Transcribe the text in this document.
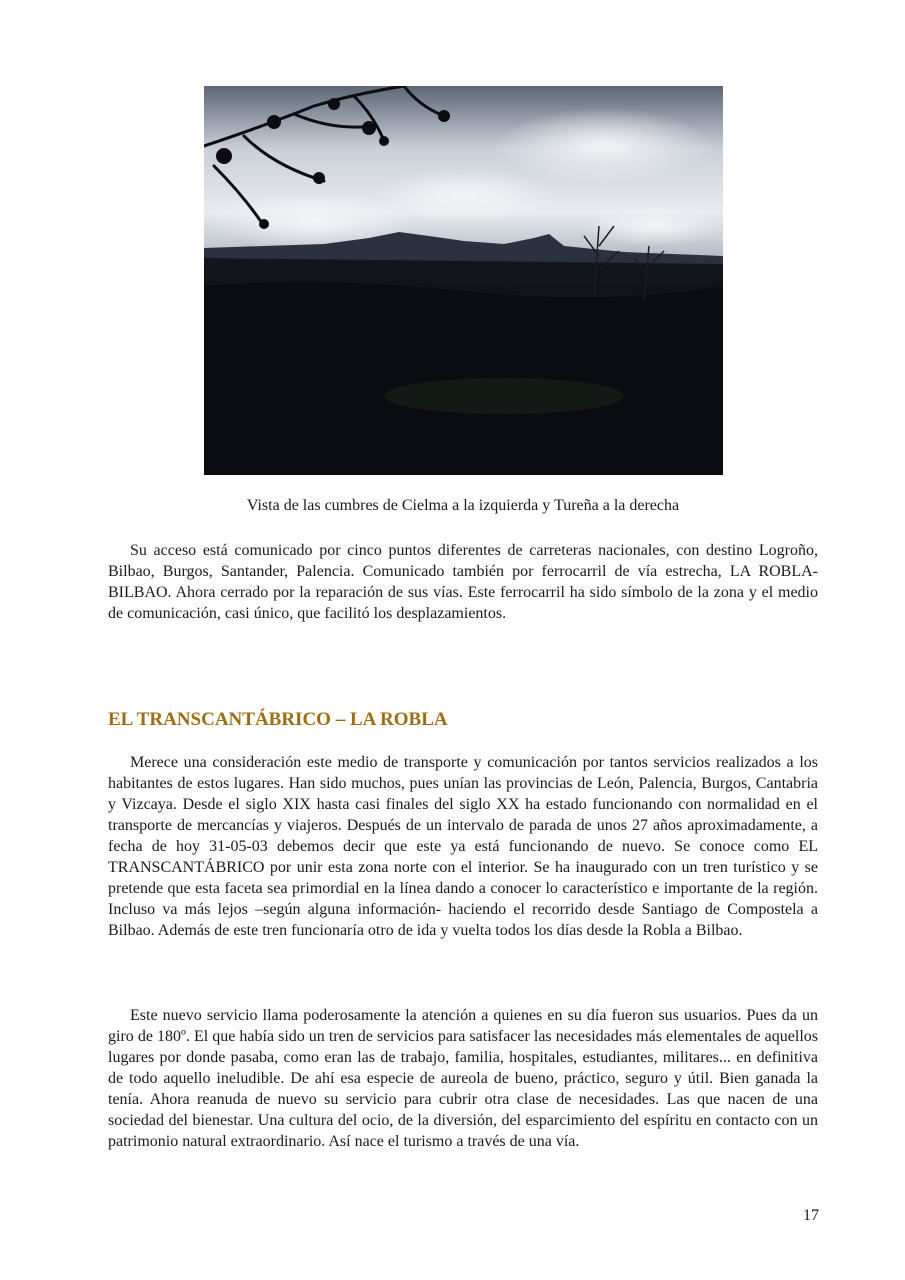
Vista de las cumbres de Cielma a la izquierda y Tureña a la derecha

Su acceso está comunicado por cinco puntos diferentes de carreteras nacionales, con destino Logroño, Bilbao, Burgos, Santander, Palencia. Comunicado también por ferrocarril de vía estrecha, LA ROBLA-BILBAO. Ahora cerrado por la reparación de sus vías. Este ferrocarril ha sido símbolo de la zona y el medio de comunicación, casi único, que facilitó los desplazamientos.

EL TRANSCANTÁBRICO – LA ROBLA

Merece una consideración este medio de transporte y comunicación por tantos servicios realizados a los habitantes de estos lugares. Han sido muchos, pues unían las provincias de León, Palencia, Burgos, Cantabria y Vizcaya. Desde el siglo XIX hasta casi finales del siglo XX ha estado funcionando con normalidad en el transporte de mercancías y viajeros. Después de un intervalo de parada de unos 27 años aproximadamente, a fecha de hoy 31-05-03 debemos decir que este ya está funcionando de nuevo. Se conoce como EL TRANSCANTÁBRICO por unir esta zona norte con el interior. Se ha inaugurado con un tren turístico y se pretende que esta faceta sea primordial en la línea dando a conocer lo característico e importante de la región. Incluso va más lejos –según alguna información- haciendo el recorrido desde Santiago de Compostela a Bilbao. Además de este tren funcionaría otro de ida y vuelta todos los días desde la Robla a Bilbao.

Este nuevo servicio llama poderosamente la atención a quienes en su día fueron sus usuarios. Pues da un giro de 180º. El que había sido un tren de servicios para satisfacer las necesidades más elementales de aquellos lugares por donde pasaba, como eran las de trabajo, familia, hospitales, estudiantes, militares... en definitiva de todo aquello ineludible. De ahí esa especie de aureola de bueno, práctico, seguro y útil. Bien ganada la tenía. Ahora reanuda de nuevo su servicio para cubrir otra clase de necesidades. Las que nacen de una sociedad del bienestar. Una cultura del ocio, de la diversión, del esparcimiento del espíritu en contacto con un patrimonio natural extraordinario. Así nace el turismo a través de una vía.

17
